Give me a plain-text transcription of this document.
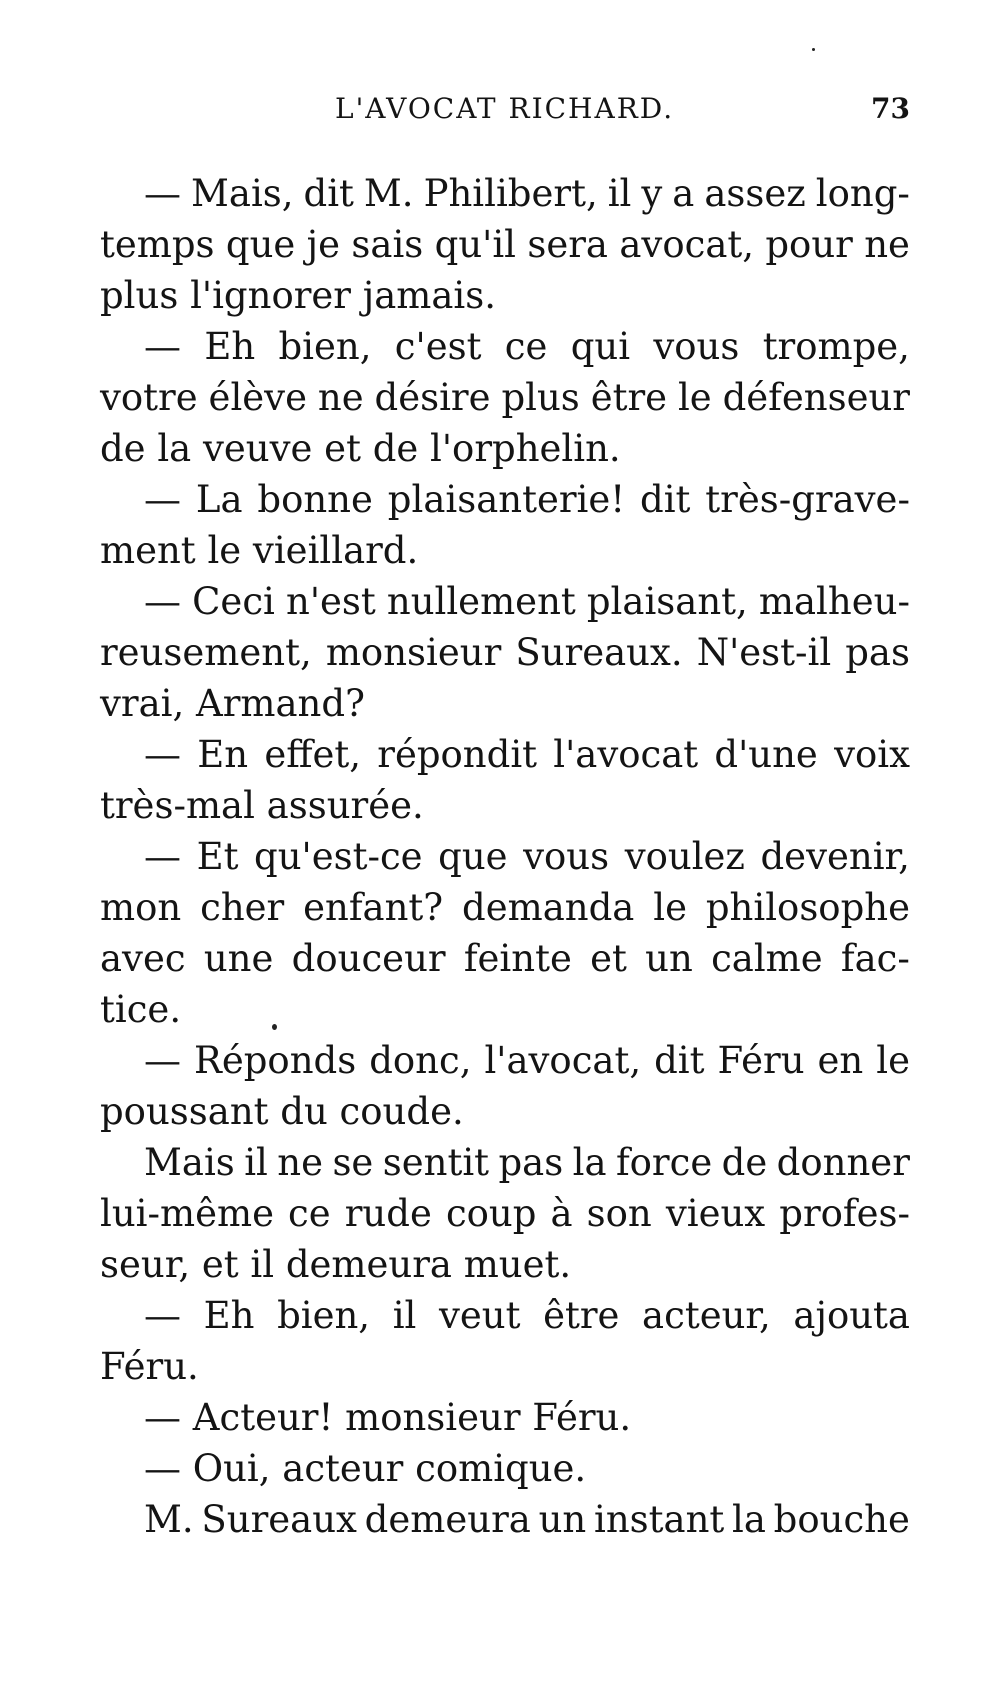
L'AVOCAT RICHARD.	73
— Mais, dit M. Philibert, il y a assez long-
temps que je sais qu'il sera avocat, pour ne
plus l'ignorer jamais.
— Eh bien, c'est ce qui vous trompe,
votre élève ne désire plus être le défenseur
de la veuve et de l'orphelin.
— La bonne plaisanterie! dit très-grave-
ment le vieillard.
— Ceci n'est nullement plaisant, malheu-
reusement, monsieur Sureaux. N'est-il pas
vrai, Armand?
— En effet, répondit l'avocat d'une voix
très-mal assurée.
— Et qu'est-ce que vous voulez devenir,
mon cher enfant? demanda le philosophe
avec une douceur feinte et un calme fac-
tice.
— Réponds donc, l'avocat, dit Féru en le
poussant du coude.
Mais il ne se sentit pas la force de donner
lui-même ce rude coup à son vieux profes-
seur, et il demeura muet.
— Eh bien, il veut être acteur, ajouta
Féru.
— Acteur! monsieur Féru.
— Oui, acteur comique.
M. Sureaux demeura un instant la bouche
